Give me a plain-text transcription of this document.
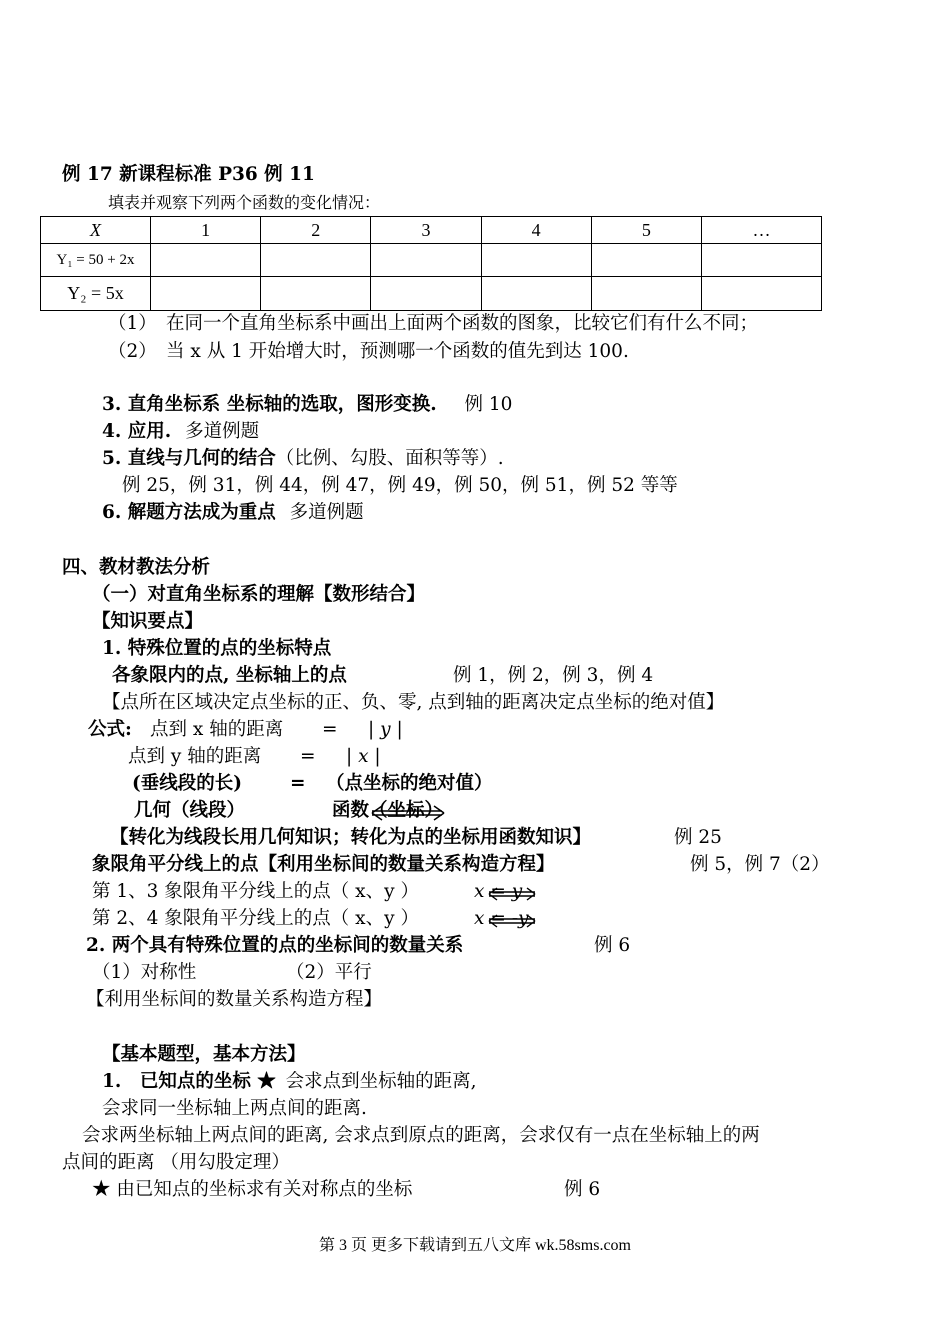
例 17 新课程标准 P36 例 11
填表并观察下列两个函数的变化情况：
X	1	2	3	4	5	…
Y₁ = 50 + 2x						
Y₂ = 5x						
（1）　在同一个直角坐标系中画出上面两个函数的图象，比较它们有什么不同；
（2）　当 x 从 1 开始增大时，预测哪一个函数的值先到达 100.
3. 直角坐标系 坐标轴的选取，图形变换. 例 10
4. 应用. 多道例题
5. 直线与几何的结合（比例、勾股、面积等等）.
例 25，例 31，例 44，例 47，例 49，例 50，例 51，例 52 等等
6. 解题方法成为重点 多道例题
四、教材教法分析
（一）对直角坐标系的理解【数形结合】
【知识要点】
1. 特殊位置的点的坐标特点
各象限内的点, 坐标轴上的点	例 1，例 2，例 3，例 4
【点所在区域决定点坐标的正、负、零, 点到轴的距离决定点坐标的绝对值】
公式: 点到 x 轴的距离 = | y |
点到 y 轴的距离 = | x |
(垂线段的长)	= （点坐标的绝对值）
几何（线段）	函数（坐标）
【转化为线段长用几何知识；转化为点的坐标用函数知识】	例 25
象限角平分线上的点【利用坐标间的数量关系构造方程】	例 5，例 7（2）
第 1、3 象限角平分线上的点（ x、y ）	x = y
第 2、4 象限角平分线上的点（ x、y ）	x = -y
2. 两个具有特殊位置的点的坐标间的数量关系	例 6
（1）对称性	（2）平行
【利用坐标间的数量关系构造方程】
【基本题型，基本方法】
1.　已知点的坐标 ★ 会求点到坐标轴的距离,
会求同一坐标轴上两点间的距离.
会求两坐标轴上两点间的距离, 会求点到原点的距离，会求仅有一点在坐标轴上的两
点间的距离 （用勾股定理）
★ 由已知点的坐标求有关对称点的坐标	例 6
第 3 页 更多下载请到五八文库 wk.58sms.com
